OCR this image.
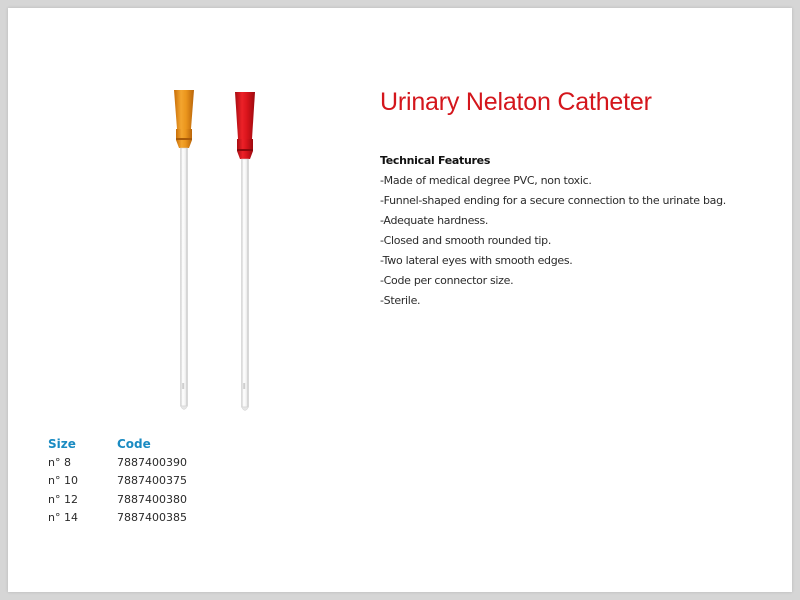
Urinary Nelaton Catheter
Technical Features
-Made of medical degree PVC, non toxic.
-Funnel-shaped ending for a secure connection to the urinate bag.
-Adequate hardness.
-Closed and smooth rounded tip.
-Two lateral eyes with smooth edges.
-Code per connector size.
-Sterile.
Size	Code
n° 8	7887400390
n° 10	7887400375
n° 12	7887400380
n° 14	7887400385
